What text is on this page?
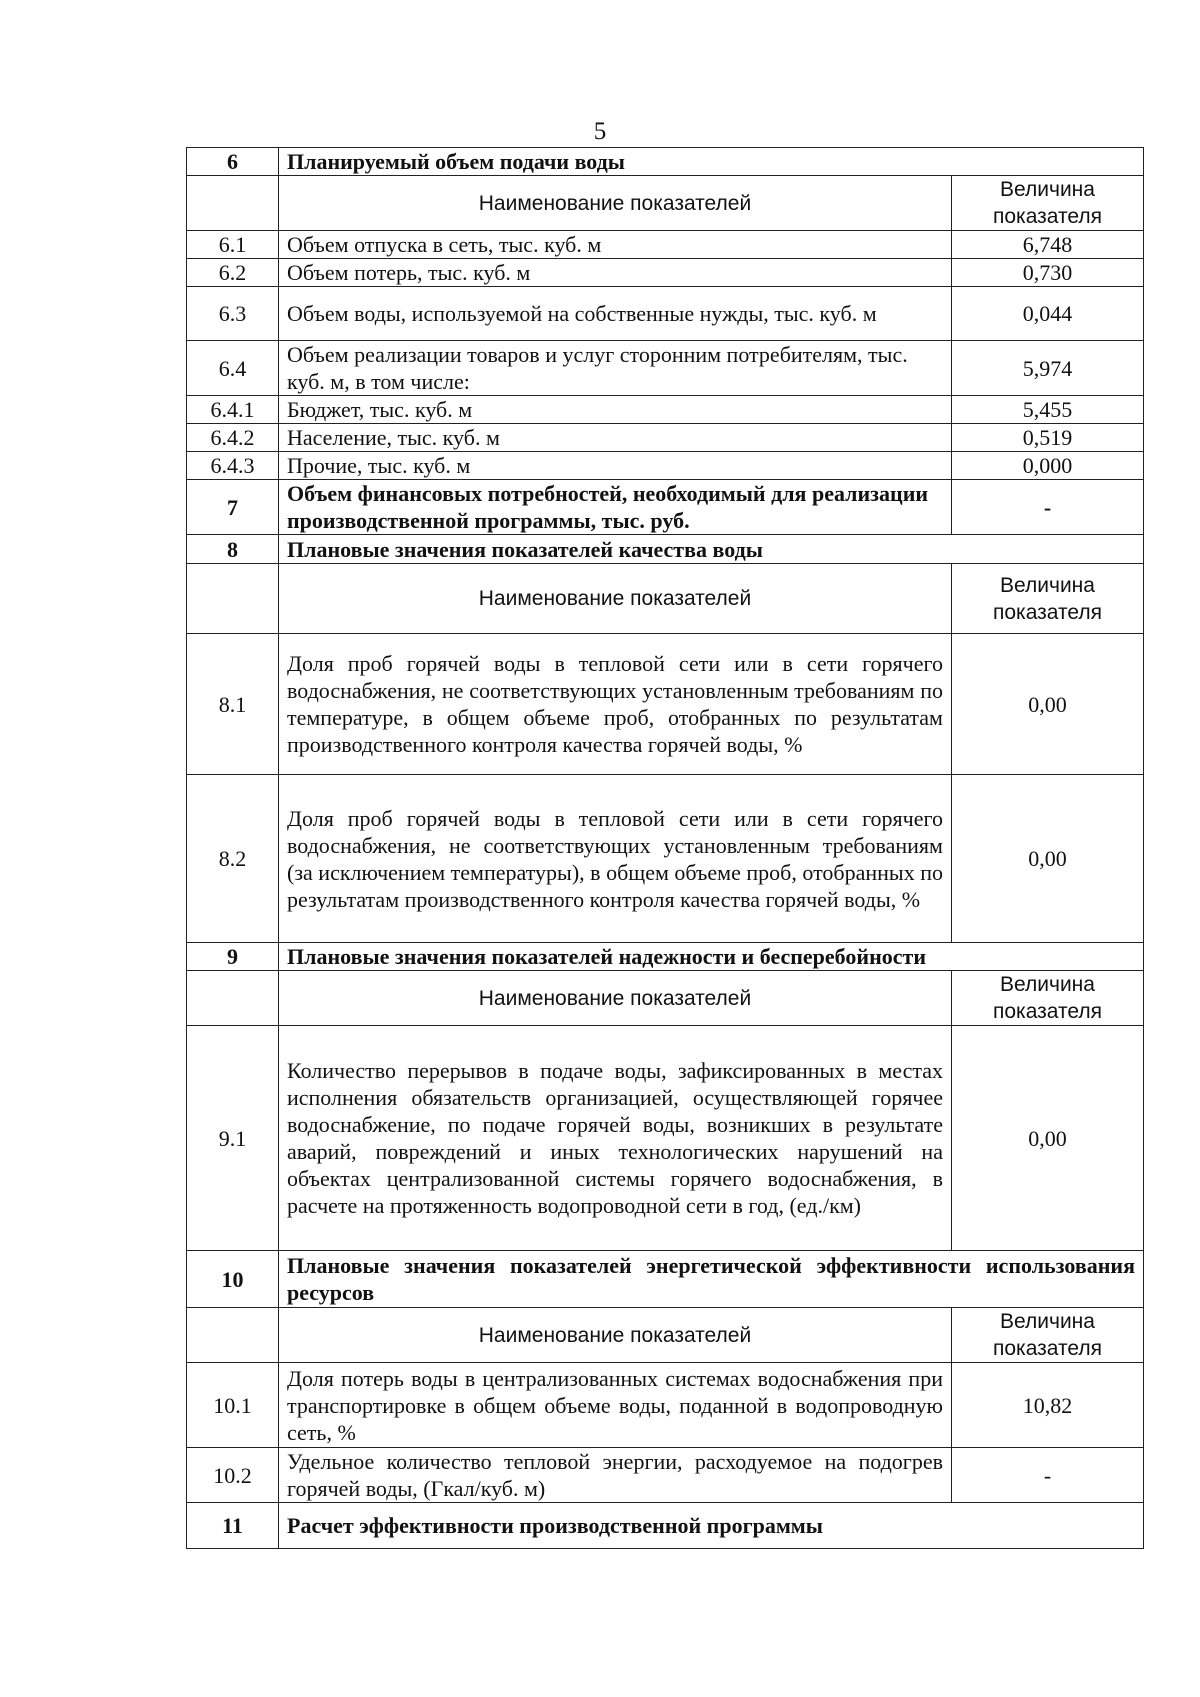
5
6	Планируемый объем подачи воды	
	Наименование показателей	Величина показателя
6.1	Объем отпуска в сеть, тыс. куб. м	6,748
6.2	Объем потерь, тыс. куб. м	0,730
6.3	Объем воды, используемой на собственные нужды, тыс. куб. м	0,044
6.4	Объем реализации товаров и услуг сторонним потребителям, тыс. куб. м, в том числе:	5,974
6.4.1	Бюджет, тыс. куб. м	5,455
6.4.2	Население, тыс. куб. м	0,519
6.4.3	Прочие, тыс. куб. м	0,000
7	Объем финансовых потребностей, необходимый для реализации производственной программы, тыс. руб.	-
8	Плановые значения показателей качества воды	
	Наименование показателей	Величина показателя
8.1	Доля проб горячей воды в тепловой сети или в сети горячего водоснабжения, не соответствующих установленным требованиям по температуре, в общем объеме проб, отобранных по результатам производственного контроля качества горячей воды, %	0,00
8.2	Доля проб горячей воды в тепловой сети или в сети горячего водоснабжения, не соответствующих установленным требованиям (за исключением температуры), в общем объеме проб, отобранных по результатам производственного контроля качества горячей воды, %	0,00
9	Плановые значения показателей надежности и бесперебойности	
	Наименование показателей	Величина показателя
9.1	Количество перерывов в подаче воды, зафиксированных в местах исполнения обязательств организацией, осуществляющей горячее водоснабжение, по подаче горячей воды, возникших в результате аварий, повреждений и иных технологических нарушений на объектах централизованной системы горячего водоснабжения, в расчете на протяженность водопроводной сети в год, (ед./км)	0,00
10	Плановые значения показателей энергетической эффективности использования ресурсов	
	Наименование показателей	Величина показателя
10.1	Доля потерь воды в централизованных системах водоснабжения при транспортировке в общем объеме воды, поданной в водопроводную сеть, %	10,82
10.2	Удельное количество тепловой энергии, расходуемое на подогрев горячей воды, (Гкал/куб. м)	-
11	Расчет эффективности производственной программы	
